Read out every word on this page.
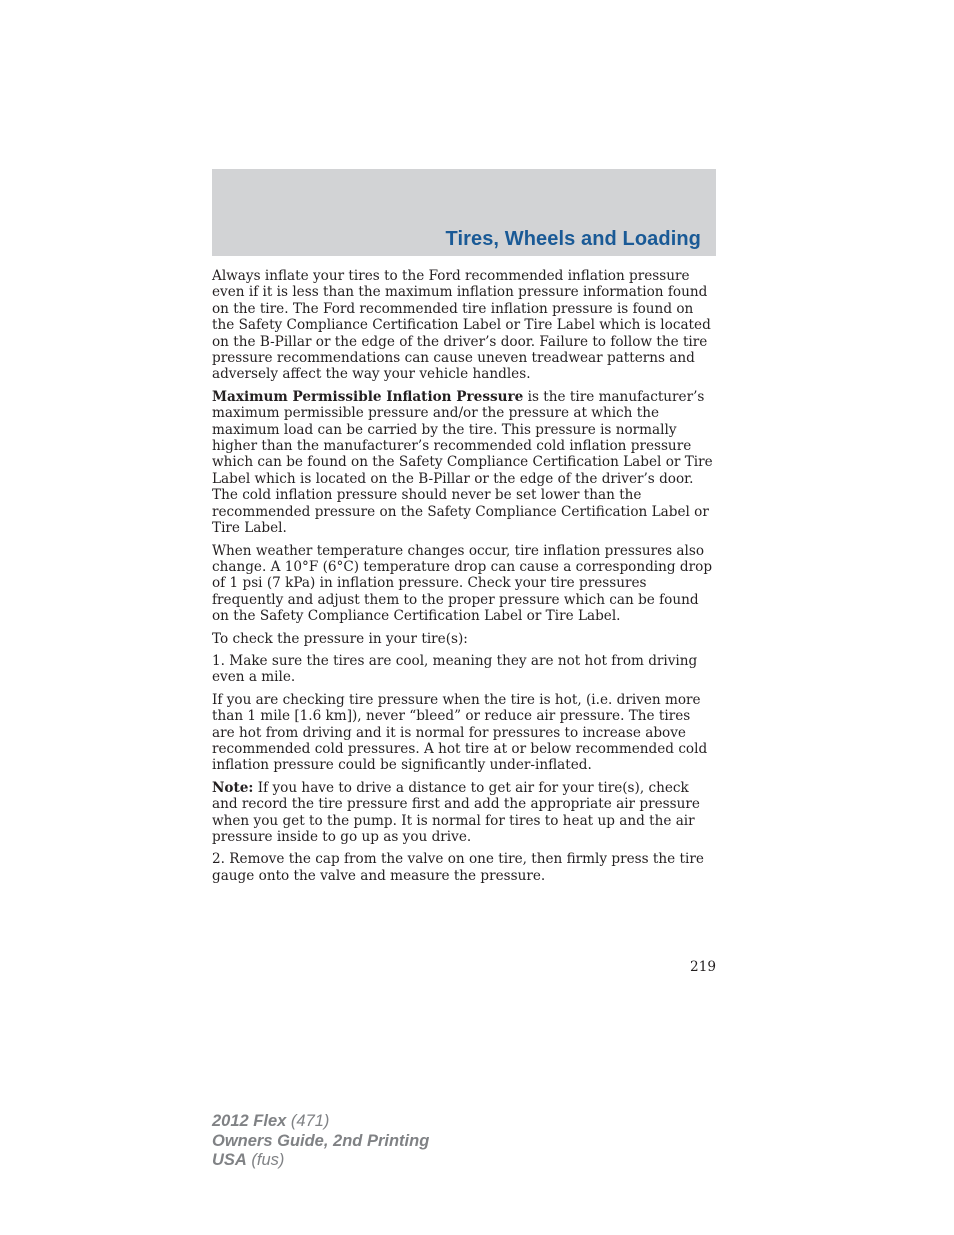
Tires, Wheels and Loading

Always inflate your tires to the Ford recommended inflation pressure even if it is less than the maximum inflation pressure information found on the tire. The Ford recommended tire inflation pressure is found on the Safety Compliance Certification Label or Tire Label which is located on the B-Pillar or the edge of the driver’s door. Failure to follow the tire pressure recommendations can cause uneven treadwear patterns and adversely affect the way your vehicle handles.

Maximum Permissible Inflation Pressure is the tire manufacturer’s maximum permissible pressure and/or the pressure at which the maximum load can be carried by the tire. This pressure is normally higher than the manufacturer’s recommended cold inflation pressure which can be found on the Safety Compliance Certification Label or Tire Label which is located on the B-Pillar or the edge of the driver’s door. The cold inflation pressure should never be set lower than the recommended pressure on the Safety Compliance Certification Label or Tire Label.

When weather temperature changes occur, tire inflation pressures also change. A 10°F (6°C) temperature drop can cause a corresponding drop of 1 psi (7 kPa) in inflation pressure. Check your tire pressures frequently and adjust them to the proper pressure which can be found on the Safety Compliance Certification Label or Tire Label.

To check the pressure in your tire(s):

1. Make sure the tires are cool, meaning they are not hot from driving even a mile.

If you are checking tire pressure when the tire is hot, (i.e. driven more than 1 mile [1.6 km]), never “bleed” or reduce air pressure. The tires are hot from driving and it is normal for pressures to increase above recommended cold pressures. A hot tire at or below recommended cold inflation pressure could be significantly under-inflated.

Note: If you have to drive a distance to get air for your tire(s), check and record the tire pressure first and add the appropriate air pressure when you get to the pump. It is normal for tires to heat up and the air pressure inside to go up as you drive.

2. Remove the cap from the valve on one tire, then firmly press the tire gauge onto the valve and measure the pressure.

219
2012 Flex (471)
Owners Guide, 2nd Printing
USA (fus)
